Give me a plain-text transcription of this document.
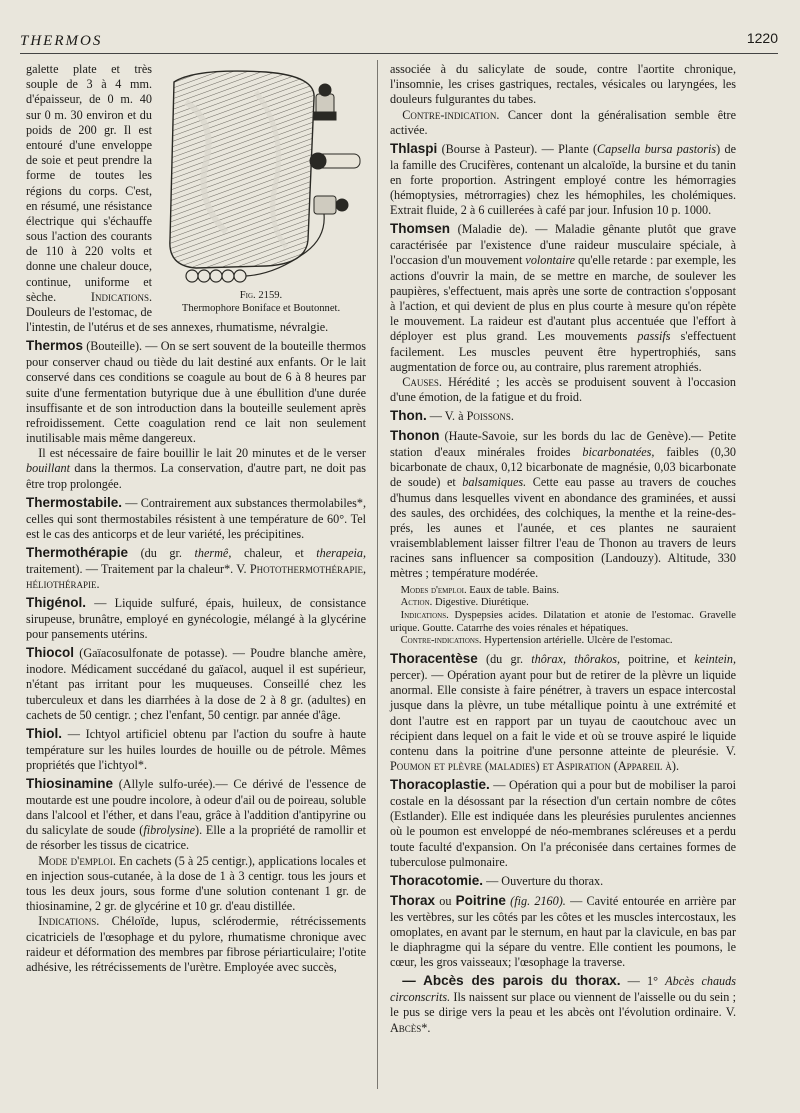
THERMOS	1220
Fig. 2159.
Thermophore Boniface et Boutonnet.

galette plate et très souple de 3 à 4 mm. d'épaisseur, de 0 m. 40 sur 0 m. 30 environ et du poids de 200 gr. Il est entouré d'une enveloppe de soie et peut prendre la forme de toutes les régions du corps. C'est, en résumé, une résistance électrique qui s'échauffe sous l'action des courants de 110 à 220 volts et donne une chaleur douce, continue, uniforme et sèche.	Indications. Douleurs de l'estomac, de l'intestin, de l'utérus et de ses annexes, rhumatisme, névralgie.

Thermos (Bouteille). — On se sert souvent de la bouteille thermos pour conserver chaud ou tiède du lait destiné aux enfants. Or le lait conservé dans ces conditions se coagule au bout de 6 à 8 heures par suite d'une fermentation butyrique due à une ébullition d'une durée insuffisante et de son introduction dans la bouteille seulement après refroidissement. Cette coagulation rend ce lait non seulement inutilisable mais même dangereux.
 Il est nécessaire de faire bouillir le lait 20 minutes et de le verser bouillant dans la thermos. La conservation, d'autre part, ne doit pas être trop prolongée.

Thermostabile. — Contrairement aux substances thermolabiles*, celles qui sont thermostabiles résistent à une température de 60°. Tel est le cas des anticorps et de leur variété, les précipitines.

Thermothérapie (du gr. thermê, chaleur, et therapeia, traitement). — Traitement par la chaleur*. V. Photothermothérapie, héliothérapie.

Thigénol. — Liquide sulfuré, épais, huileux, de consistance sirupeuse, brunâtre, employé en gynécologie, mélangé à la glycérine pour pansements utérins.

Thiocol (Gaïacosulfonate de potasse). — Poudre blanche amère, inodore. Médicament succédané du gaïacol, auquel il est supérieur, n'étant pas irritant pour les muqueuses. Conseillé chez les tuberculeux et dans les diarrhées à la dose de 2 à 8 gr. (adultes) en cachets de 50 centigr. ; chez l'enfant, 50 centigr. par année d'âge.

Thiol. — Ichtyol artificiel obtenu par l'action du soufre à haute température sur les huiles lourdes de houille ou de pétrole. Mêmes propriétés que l'ichtyol*.

Thiosinamine (Allyle sulfo-urée).— Ce dérivé de l'essence de moutarde est une poudre incolore, à odeur d'ail ou de poireau, soluble dans l'alcool et l'éther, et dans l'eau, grâce à l'addition d'antipyrine ou du salicylate de soude (fibrolysine). Elle a la propriété de ramollir et de résorber les tissus de cicatrice.
 Mode d'emploi. En cachets (5 à 25 centigr.), applications locales et en injection sous-cutanée, à la dose de 1 à 3 centigr. tous les jours et tous les deux jours, sous forme d'une solution contenant 1 gr. de thiosinamine, 2 gr. de glycérine et 10 gr. d'eau distillée.
 Indications. Chéloïde, lupus, sclérodermie, rétrécissements cicatriciels de l'œsophage et du pylore, rhumatisme chronique avec raideur et déformation des membres par fibrose périarticulaire; l'otite adhésive, les rétrécissements de l'urètre. Employée avec succès,

associée à du salicylate de soude, contre l'aortite chronique, l'insomnie, les crises gastriques, rectales, vésicales ou laryngées, les douleurs fulgurantes du tabes.
 Contre-indication. Cancer dont la généralisation semble être activée.

Thlaspi (Bourse à Pasteur). — Plante (Capsella bursa pastoris) de la famille des Crucifères, contenant un alcaloïde, la bursine et du tanin en forte proportion. Astringent employé contre les hémorragies (hémoptysies, métrorragies) chez les hémophiles, les cholémiques. Extrait fluide, 2 à 6 cuillerées à café par jour. Infusion 10 p. 1000.

Thomsen (Maladie de). — Maladie gênante plutôt que grave caractérisée par l'existence d'une raideur musculaire spéciale, à l'occasion d'un mouvement volontaire qu'elle retarde : par exemple, les actions d'ouvrir la main, de se mettre en marche, de soulever les paupières, s'effectuent, mais après une sorte de contraction s'opposant à l'action, et qui devient de plus en plus courte à mesure qu'on répète le mouvement. La raideur est d'autant plus accentuée que l'effort à déployer est plus grand. Les mouvements passifs s'effectuent facilement. Les muscles peuvent être hypertrophiés, sans augmentation de force ou, au contraire, plus rarement atrophiés.
 Causes. Hérédité ; les accès se produisent souvent à l'occasion d'une émotion, de la fatigue et du froid.

Thon. — V. à Poissons.

Thonon (Haute-Savoie, sur les bords du lac de Genève).— Petite station d'eaux minérales froides bicarbonatées, faibles (0,30 bicarbonate de chaux, 0,12 bicarbonate de magnésie, 0,03 bicarbonate de soude) et balsamiques. Cette eau passe au travers de couches d'humus dans lesquelles vivent en abondance des graminées, et aussi des saules, des orchidées, des colchiques, la menthe et la reine-des-prés, les aunes et l'aunée, et ces plantes ne sauraient vraisemblablement laisser filtrer l'eau de Thonon au travers de leurs racines sans influencer sa composition (Landouzy). Altitude, 330 mètres ; température modérée.

 Modes d'emploi. Eaux de table. Bains.
 Action. Digestive. Diurétique.
 Indications. Dyspepsies acides. Dilatation et atonie de l'estomac. Gravelle urique. Goutte. Catarrhe des voies rénales et hépatiques.
 Contre-indications. Hypertension artérielle. Ulcère de l'estomac.

Thoracentèse (du gr. thôrax, thôrakos, poitrine, et keintein, percer). — Opération ayant pour but de retirer de la plèvre un liquide anormal. Elle consiste à faire pénétrer, à travers un espace intercostal jusque dans la plèvre, un tube métallique pointu à une extrémité et dont l'autre est en rapport par un tuyau de caoutchouc avec un récipient dans lequel on a fait le vide et où se trouve aspiré le liquide contenu dans la poitrine d'une personne atteinte de pleurésie. V. Poumon et plèvre (maladies) et Aspiration (Appareil à).

Thoracoplastie. — Opération qui a pour but de mobiliser la paroi costale en la désossant par la résection d'un certain nombre de côtes (Estlander). Elle est indiquée dans les pleurésies purulentes anciennes où le poumon est enveloppé de néo-membranes scléreuses et a perdu toute faculté d'expansion. On l'a préconisée dans certaines formes de tuberculose pulmonaire.

Thoracotomie. — Ouverture du thorax.

Thorax ou Poitrine (fig. 2160). — Cavité entourée en arrière par les vertèbres, sur les côtés par les côtes et les muscles intercostaux, les omoplates, en avant par le sternum, en haut par la clavicule, en bas par le diaphragme qui la sépare du ventre. Elle contient les poumons, le cœur, les gros vaisseaux; l'œsophage la traverse.

 — Abcès des parois du thorax. — 1° Abcès chauds circonscrits. Ils naissent sur place ou viennent de l'aisselle ou du sein ; le pus se dirige vers la peau et les abcès ont l'évolution ordinaire. V. Abcès*.
